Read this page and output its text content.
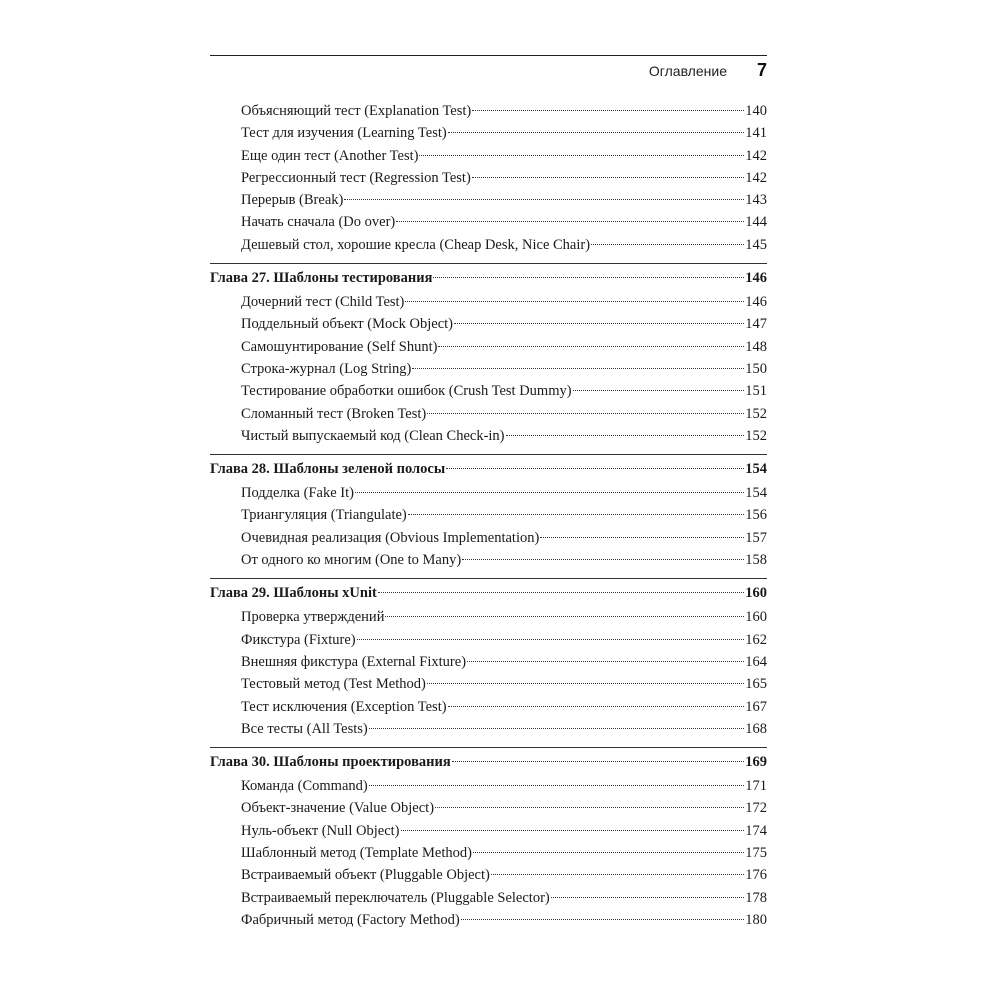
Оглавление 7
Объясняющий тест (Explanation Test)	140
Тест для изучения (Learning Test)	141
Еще один тест (Another Test)	142
Регрессионный тест (Regression Test)	142
Перерыв (Break)	143
Начать сначала (Do over)	144
Дешевый стол, хорошие кресла (Cheap Desk, Nice Chair)	145
Глава 27. Шаблоны тестирования	146
Дочерний тест (Child Test)	146
Поддельный объект (Mock Object)	147
Самошунтирование (Self Shunt)	148
Строка-журнал (Log String)	150
Тестирование обработки ошибок (Crush Test Dummy)	151
Сломанный тест (Broken Test)	152
Чистый выпускаемый код (Clean Check-in)	152
Глава 28. Шаблоны зеленой полосы	154
Подделка (Fake It)	154
Триангуляция (Triangulate)	156
Очевидная реализация (Obvious Implementation)	157
От одного ко многим (One to Many)	158
Глава 29. Шаблоны xUnit	160
Проверка утверждений	160
Фикстура (Fixture)	162
Внешняя фикстура (External Fixture)	164
Тестовый метод (Test Method)	165
Тест исключения (Exception Test)	167
Все тесты (All Tests)	168
Глава 30. Шаблоны проектирования	169
Команда (Command)	171
Объект-значение (Value Object)	172
Нуль-объект (Null Object)	174
Шаблонный метод (Template Method)	175
Встраиваемый объект (Pluggable Object)	176
Встраиваемый переключатель (Pluggable Selector)	178
Фабричный метод (Factory Method)	180
